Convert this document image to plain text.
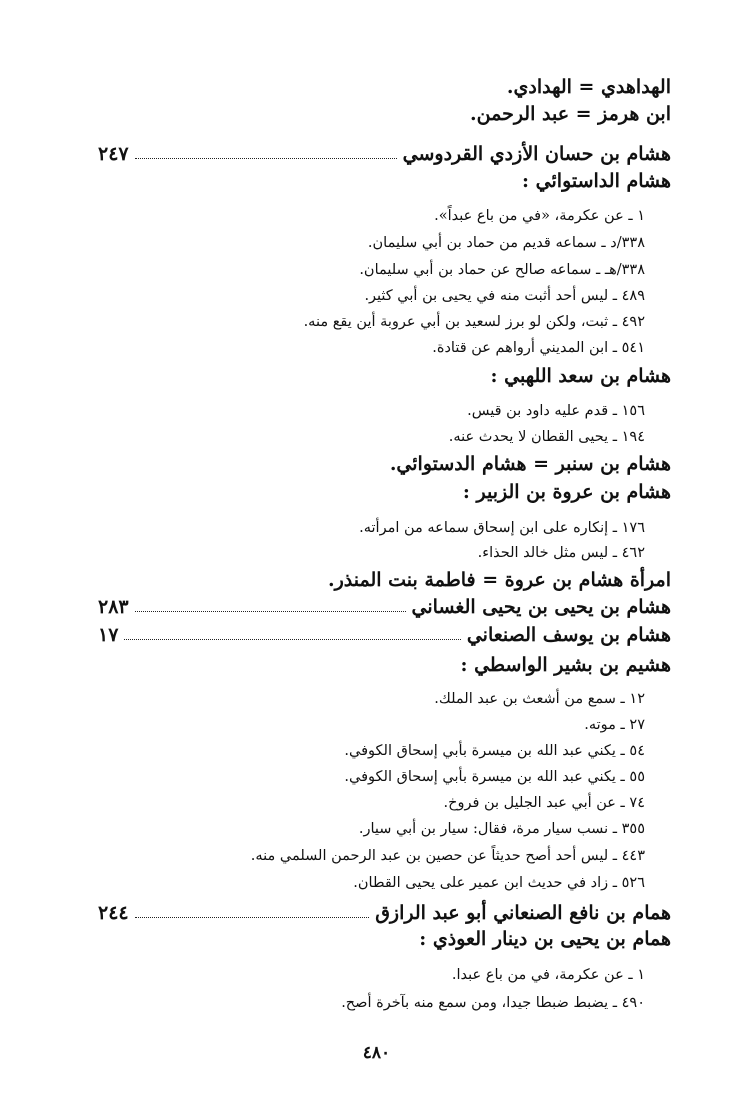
الهداهدي = الهدادي.
ابن هرمز = عبد الرحمن.
هشام بن حسان الأزدي القردوسي
٢٤٧
هشام الداستوائي :
١ ـ عن عكرمة، «في من باع عبداً».
٣٣٨/د ـ سماعه قديم من حماد بن أبي سليمان.
٣٣٨/هـ ـ سماعه صالح عن حماد بن أبي سليمان.
٤٨٩ ـ ليس أحد أثبت منه في يحيى بن أبي كثير.
٤٩٢ ـ ثبت، ولكن لو برز لسعيد بن أبي عروبة أين يقع منه.
٥٤١ ـ ابن المديني أرواهم عن قتادة.
هشام بن سعد اللهبي :
١٥٦ ـ قدم عليه داود بن قيس.
١٩٤ ـ يحيى القطان لا يحدث عنه.
هشام بن سنبر = هشام الدستوائي.
هشام بن عروة بن الزبير :
١٧٦ ـ إنكاره على ابن إسحاق سماعه من امرأته.
٤٦٢ ـ ليس مثل خالد الحذاء.
امرأة هشام بن عروة = فاطمة بنت المنذر.
هشام بن يحيى بن يحيى الغساني
٢٨٣
هشام بن يوسف الصنعاني
١٧
هشيم بن بشير الواسطي :
١٢ ـ سمع من أشعث بن عبد الملك.
٢٧ ـ موته.
٥٤ ـ يكني عبد الله بن ميسرة بأبي إسحاق الكوفي.
٥٥ ـ يكني عبد الله بن ميسرة بأبي إسحاق الكوفي.
٧٤ ـ عن أبي عبد الجليل بن فروخ.
٣٥٥ ـ نسب سيار مرة، فقال: سيار بن أبي سيار.
٤٤٣ ـ ليس أحد أصح حديثاً عن حصين بن عبد الرحمن السلمي منه.
٥٢٦ ـ زاد في حديث ابن عمير على يحيى القطان.
همام بن نافع الصنعاني أبو عبد الرازق
٢٤٤
همام بن يحيى بن دينار العوذي :
١ ـ عن عكرمة، في من باع عبدا.
٤٩٠ ـ يضبط ضبطا جيدا، ومن سمع منه بآخرة أصح.
٤٨٠
